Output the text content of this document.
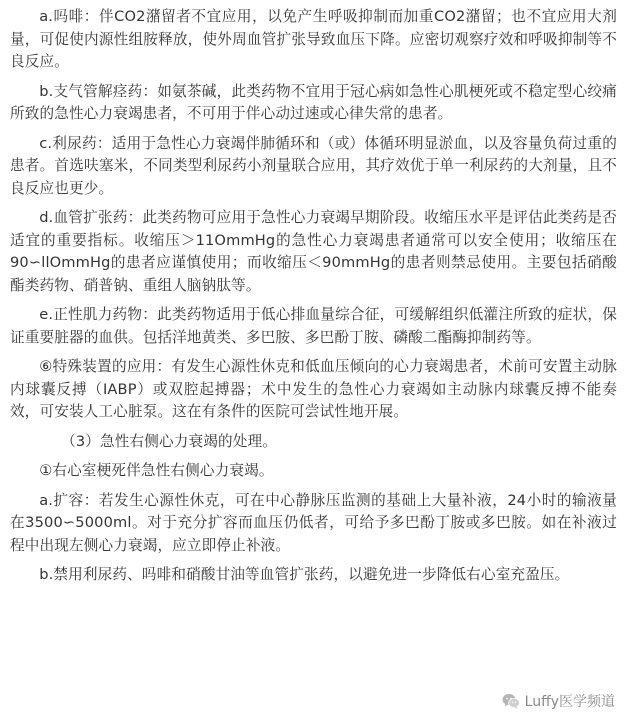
a.吗啡：伴CO2潴留者不宜应用，以免产生呼吸抑制而加重CO2潴留；也不宜应用大剂量，可促使内源性组胺释放，使外周血管扩张导致血压下降。应密切观察疗效和呼吸抑制等不良反应。

b.支气管解痉药：如氨茶碱，此类药物不宜用于冠心病如急性心肌梗死或不稳定型心绞痛所致的急性心力衰竭患者，不可用于伴心动过速或心律失常的患者。

c.利尿药：适用于急性心力衰竭伴肺循环和（或）体循环明显淤血，以及容量负荷过重的患者。首选呋塞米，不同类型利尿药小剂量联合应用，其疗效优于单一利尿药的大剂量，且不良反应也更少。

d.血管扩张药：此类药物可应用于急性心力衰竭早期阶段。收缩压水平是评估此类药是否适宜的重要指标。收缩压＞11OmmHg的急性心力衰竭患者通常可以安全使用；收缩压在90∽llOmmHg的患者应谨慎使用；而收缩压＜90mmHg的患者则禁忌使用。主要包括硝酸酯类药物、硝普钠、重组人脑钠肽等。

e.正性肌力药物：此类药物适用于低心排血量综合征，可缓解组织低灌注所致的症状，保证重要脏器的血供。包括洋地黄类、多巴胺、多巴酚丁胺、磷酸二酯酶抑制药等。

⑥特殊装置的应用：有发生心源性休克和低血压倾向的心力衰竭患者，术前可安置主动脉内球囊反搏（IABP）或双腔起搏器；术中发生的急性心力衰竭如主动脉内球囊反搏不能奏效，可安装人工心脏泵。这在有条件的医院可尝试性地开展。

（3）急性右侧心力衰竭的处理。

①右心室梗死伴急性右侧心力衰竭。

a.扩容：若发生心源性休克，可在中心静脉压监测的基础上大量补液，24小时的输液量在3500∽5000ml。对于充分扩容而血压仍低者，可给予多巴酚丁胺或多巴胺。如在补液过程中出现左侧心力衰竭，应立即停止补液。

b.禁用利尿药、吗啡和硝酸甘油等血管扩张药，以避免进一步降低右心室充盈压。

Luffy医学频道
